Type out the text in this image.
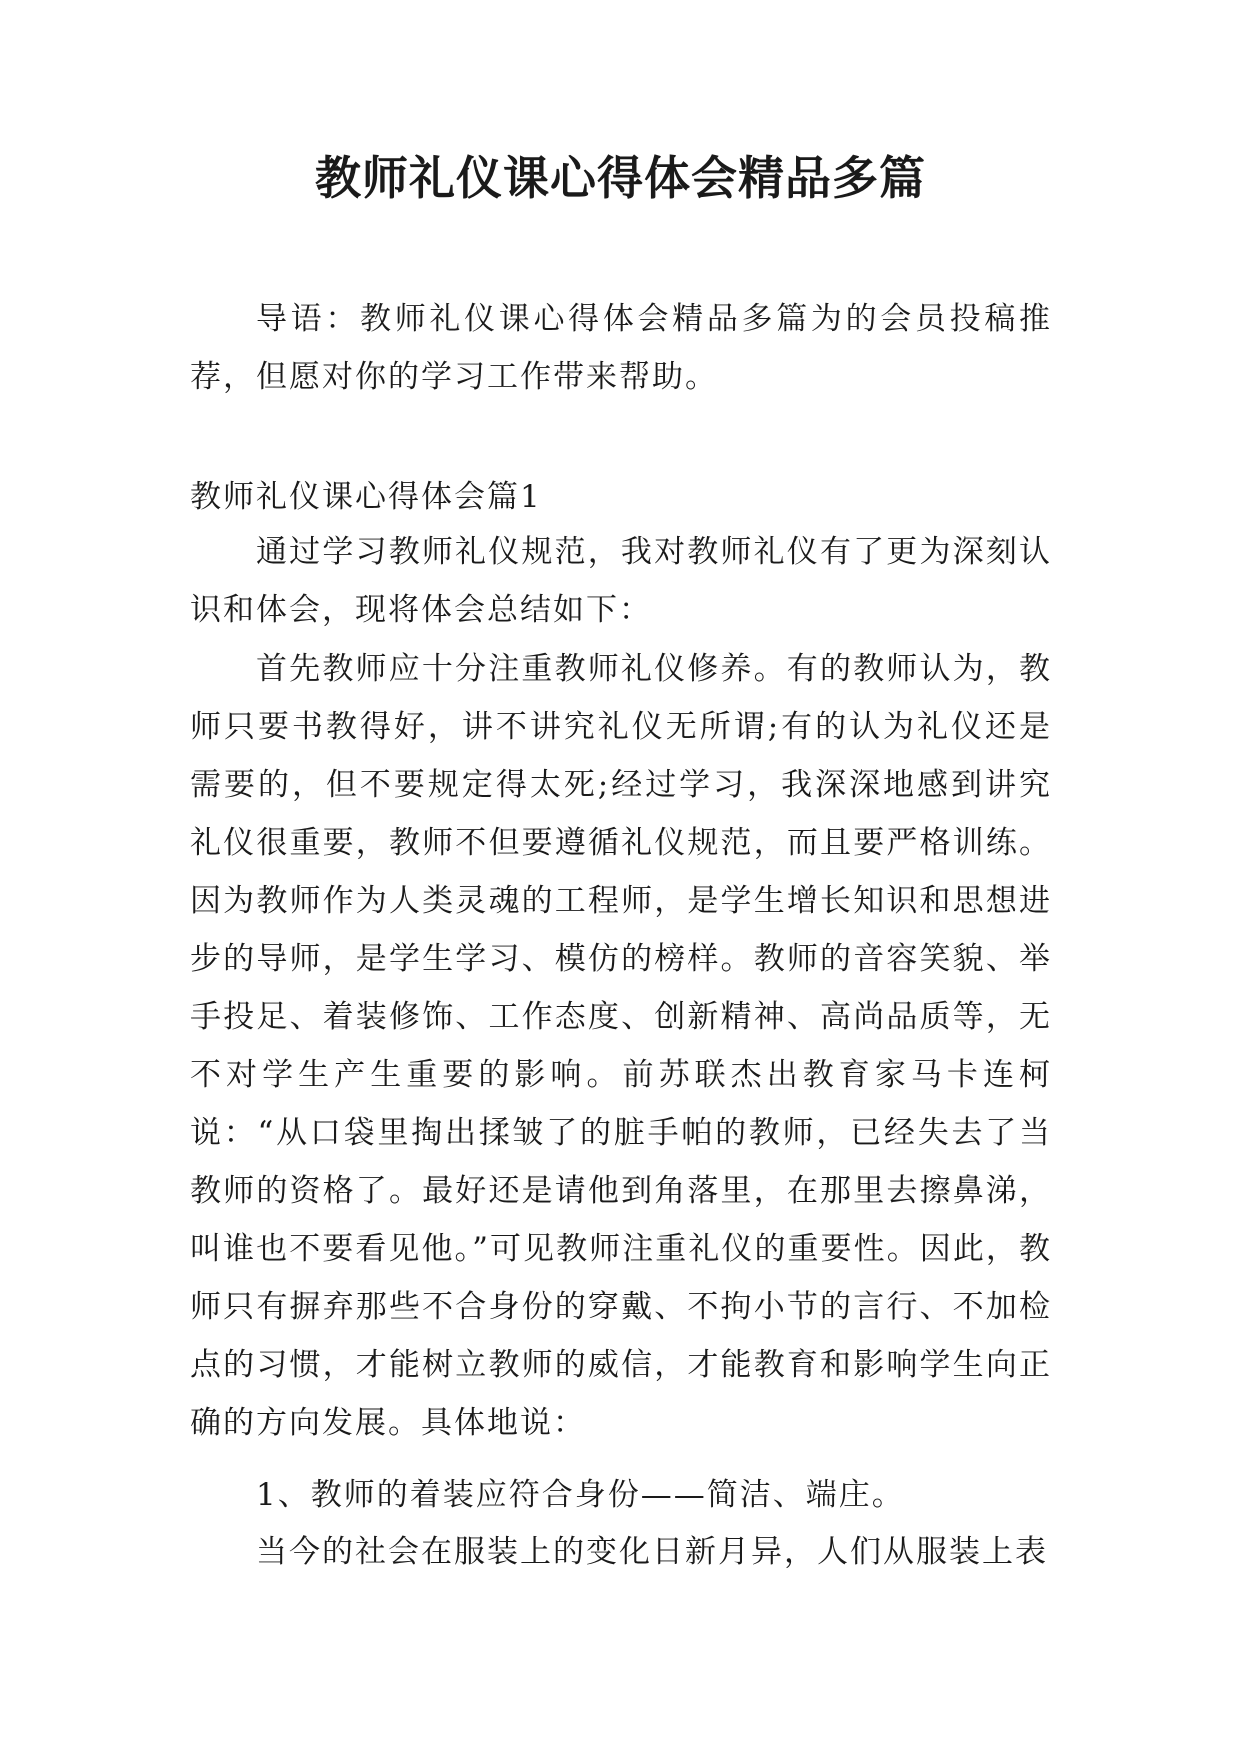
教师礼仪课心得体会精品多篇

导语：教师礼仪课心得体会精品多篇为的会员投稿推荐，但愿对你的学习工作带来帮助。

教师礼仪课心得体会篇1

通过学习教师礼仪规范，我对教师礼仪有了更为深刻认识和体会，现将体会总结如下：

首先教师应十分注重教师礼仪修养。有的教师认为，教师只要书教得好，讲不讲究礼仪无所谓;有的认为礼仪还是需要的，但不要规定得太死;经过学习，我深深地感到讲究礼仪很重要，教师不但要遵循礼仪规范，而且要严格训练。因为教师作为人类灵魂的工程师，是学生增长知识和思想进步的导师，是学生学习、模仿的榜样。教师的音容笑貌、举手投足、着装修饰、工作态度、创新精神、高尚品质等，无不对学生产生重要的影响。前苏联杰出教育家马卡连柯说：“从口袋里掏出揉皱了的脏手帕的教师，已经失去了当教师的资格了。最好还是请他到角落里，在那里去擦鼻涕，叫谁也不要看见他。”可见教师注重礼仪的重要性。因此，教师只有摒弃那些不合身份的穿戴、不拘小节的言行、不加检点的习惯，才能树立教师的威信，才能教育和影响学生向正确的方向发展。具体地说：

1、教师的着装应符合身份——简洁、端庄。

当今的社会在服装上的变化日新月异，人们从服装上表
